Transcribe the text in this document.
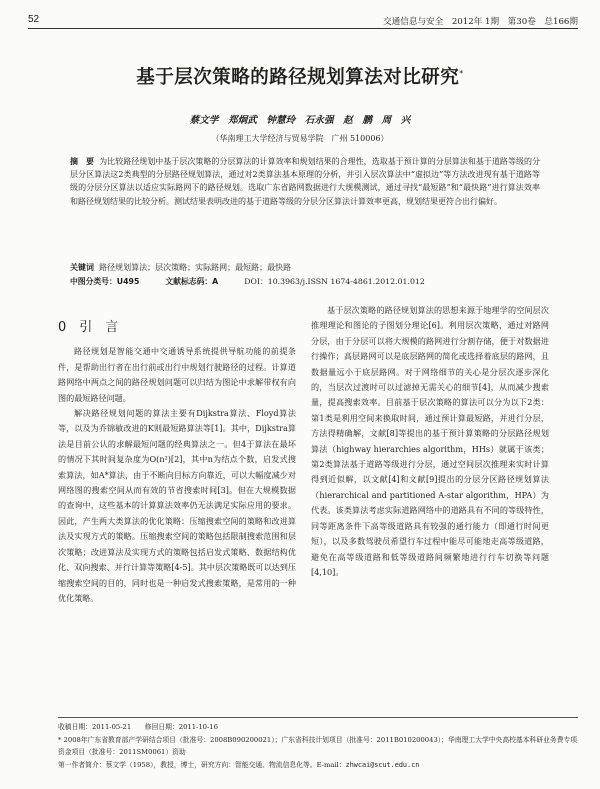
52	交通信息与安全　2012年 1期　第30卷　总166期
基于层次策略的路径规划算法对比研究*
蔡文学　郑炯武　钟慧玲　石永强　赵　鹏　周　兴
（华南理工大学经济与贸易学院　广州 510006）
摘　要 为比较路径规划中基于层次策略的分层算法的计算效率和规划结果的合理性，选取基于预计算的分层算法和基于道路等级的分层分区算法这2类典型的分层路径规划算法，通过对2类算法基本原理的分析，并引入层次算法中“虚拟边”等方法改进现有基于道路等级的分层分区算法以适应实际路网下的路径规划。选取广东省路网数据进行大规模测试，通过寻找“最短路”和“最快路”进行算法效率和路径规划结果的比较分析。测试结果表明改进的基于道路等级的分层分区算法计算效率更高，规划结果更符合出行偏好。
关键词 路径规划算法；层次策略；实际路网；最短路；最快路
中图分类号：U495	文献标志码：A	DOI：10.3963/j.ISSN 1674-4861.2012.01.012
0　引　言

路径规划是智能交通中交通诱导系统提供导航功能的前提条件，是帮助出行者在出行前或出行中规划行驶路径的过程。计算道路网络中两点之间的路径规划问题可以归结为图论中求解带权有向图的最短路径问题。

解决路径规划问题的算法主要有Dijkstra算法、Floyd算法等，以及为乔锦敏改进的K则最短路算法等[1]。其中，Dijkstra算法是目前公认的求解最短问题的经典算法之一。但4于算法在最坏的情况下其时间复杂度为O(n²)[2]，其中n为结点个数，启发式搜索算法，如A*算法，由于不断向目标方向靠近，可以大幅度减少对网络图的搜索空间从而有效的节省搜索时间[3]。但在大规模数据的查询中，这些基本的计算算法效率仍无法满足实际应用的要求。因此，产生两大类算法的优化策略：压缩搜索空间的策略和改进算法及实现方式的策略。压缩搜索空间的策略包括限制搜索范围和层次策略；改进算法及实现方式的策略包括启发式策略、数据结构优化、双向搜索、并行计算等策略[4-5]。其中层次策略既可以达到压缩搜索空间的目的，同时也是一种启发式搜索策略，是常用的一种优化策略。

基于层次策略的路径规划算法的思想来源于地理学的空间层次推理理论和图论的子图划分理论[6]。利用层次策略，通过对路网分层，由于分层可以将大规模的路网进行分割存储，便于对数据进行操作；高层路网可以是底层路网的简化或选择着底层的路网，且数据量远小于底层路网。对于网络细节的关心是分层次逐步深化的，当层次过渡时可以过滤掉无需关心的细节[4]，从而减少搜索量，提高搜索效率。目前基于层次策略的算法可以分为以下2类：第1类是利用空间来换取时间，通过预计算最短路，并进行分层，方法得精确解，文献[8]等提出的基于预计算策略的分层路径规划算法（highway hierarchies algorithm，HHs）就属于该类；第2类算法基于道路等级进行分层，通过空间层次推理来实时计算得到近似解，以文献[4]和文献[9]提出的分层分区路径规划算法（hierarchical and partitioned A-star algorithm，HPA）为代表。该类算法考虑实际道路网络中的道路具有不同的等级特性，同等距离条件下高等级道路具有较强的通行能力（即通行时间更短），以及多数驾驶员希望行车过程中能尽可能地走高等级道路，避免在高等级道路和低等级道路间频繁地进行行车切换等问题[4,10]。

收稿日期：2011-05-21　　修回日期：2011-10-16
* 2008年广东省教育部产学研结合项目（批准号：2008B090200021）；广东省科技计划项目（批准号：2011B010200043）；华南理工大学中央高校基本科研业务费专项资金项目（批准号：2011SM0061）资助
第一作者简介：蔡文学（1958），教授，博士，研究方向：智能交通、物流信息化等。E-mail：zhwcai@scut.edu.cn
